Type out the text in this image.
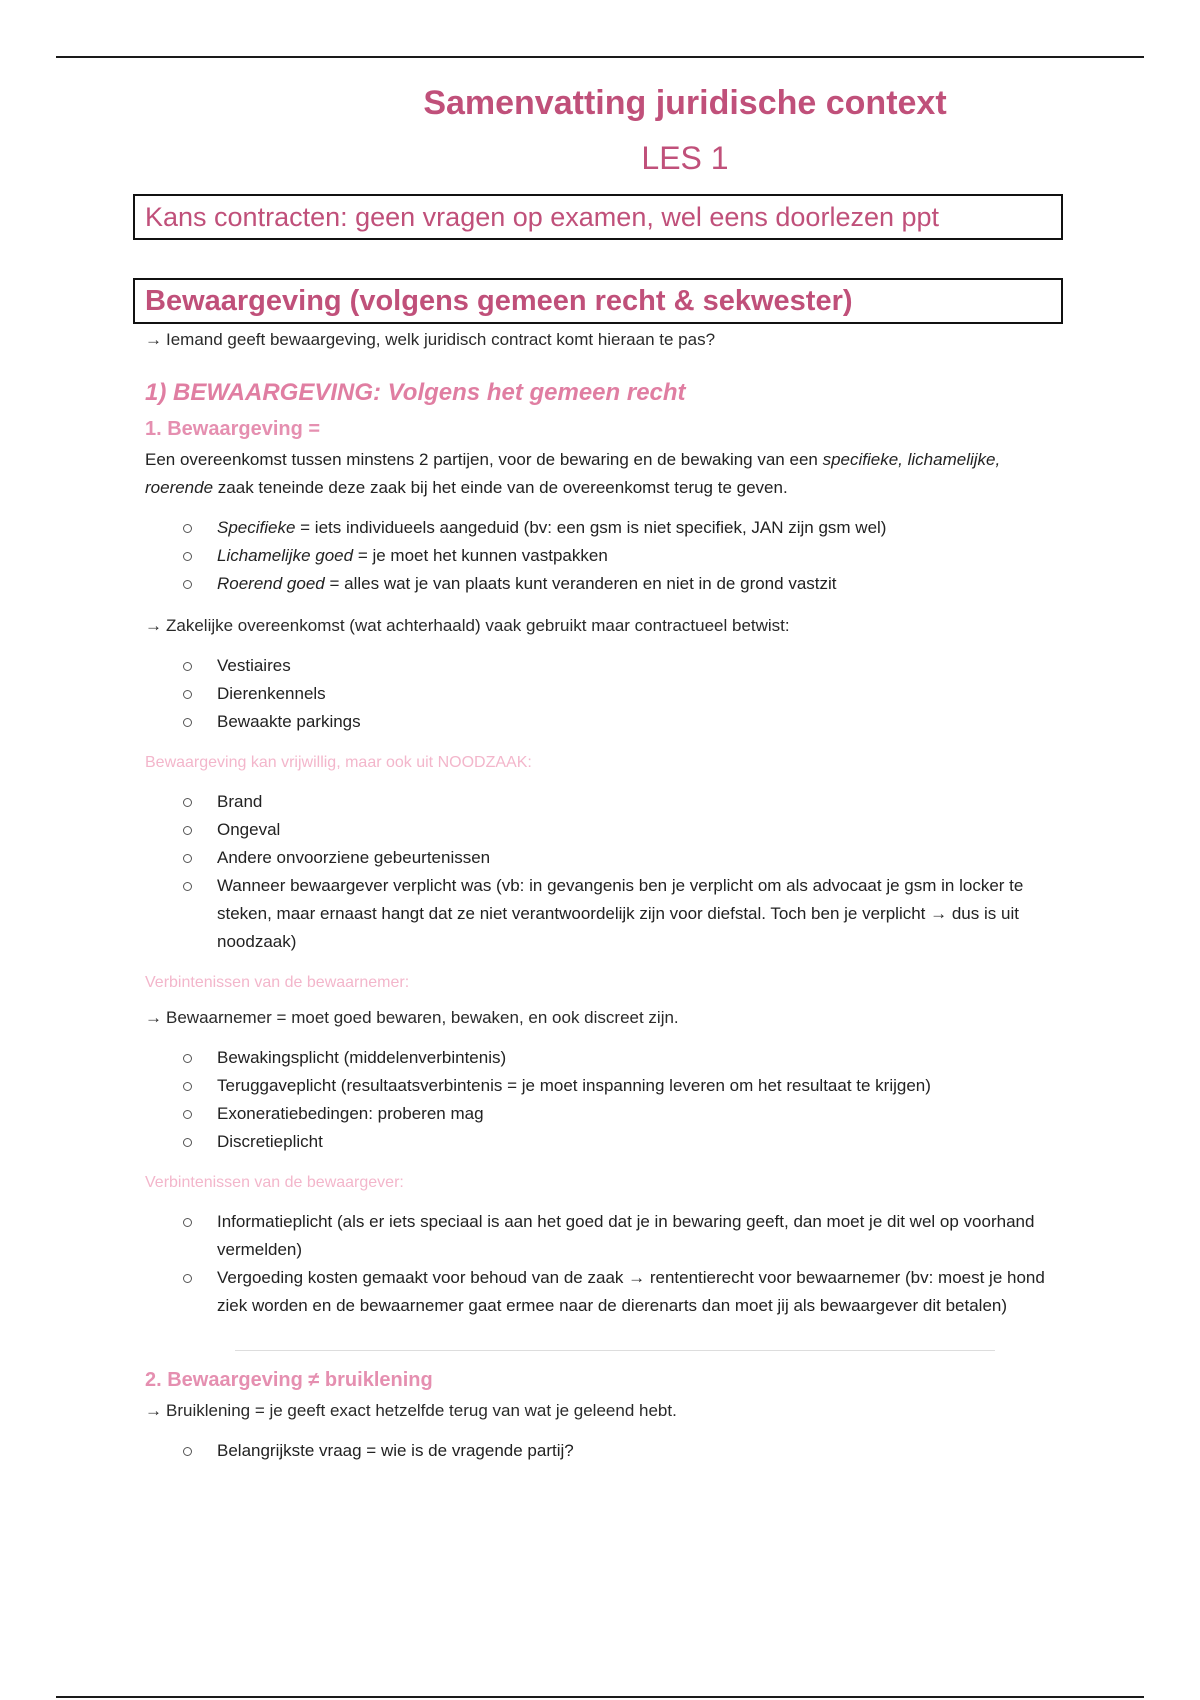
Samenvatting juridische context
LES 1
Kans contracten: geen vragen op examen, wel eens doorlezen ppt
Bewaargeving (volgens gemeen recht & sekwester)

→ Iemand geeft bewaargeving, welk juridisch contract komt hieraan te pas?

1) BEWAARGEVING: Volgens het gemeen recht
1. Bewaargeving =

Een overeenkomst tussen minstens 2 partijen, voor de bewaring en de bewaking van een specifieke, lichamelijke, roerende zaak teneinde deze zaak bij het einde van de overeenkomst terug te geven.

Specifieke = iets individueels aangeduid (bv: een gsm is niet specifiek, JAN zijn gsm wel)
Lichamelijke goed = je moet het kunnen vastpakken
Roerend goed = alles wat je van plaats kunt veranderen en niet in de grond vastzit

→ Zakelijke overeenkomst (wat achterhaald) vaak gebruikt maar contractueel betwist:

Vestiaires
Dierenkennels
Bewaakte parkings

Bewaargeving kan vrijwillig, maar ook uit NOODZAAK:

Brand
Ongeval
Andere onvoorziene gebeurtenissen
Wanneer bewaargever verplicht was (vb: in gevangenis ben je verplicht om als advocaat je gsm in locker te steken, maar ernaast hangt dat ze niet verantwoordelijk zijn voor diefstal. Toch ben je verplicht → dus is uit noodzaak)

Verbintenissen van de bewaarnemer:

→ Bewaarnemer = moet goed bewaren, bewaken, en ook discreet zijn.

Bewakingsplicht (middelenverbintenis)
Teruggaveplicht (resultaatsverbintenis = je moet inspanning leveren om het resultaat te krijgen)
Exoneratiebedingen: proberen mag
Discretieplicht

Verbintenissen van de bewaargever:

Informatieplicht (als er iets speciaal is aan het goed dat je in bewaring geeft, dan moet je dit wel op voorhand vermelden)
Vergoeding kosten gemaakt voor behoud van de zaak → rententierecht voor bewaarnemer (bv: moest je hond ziek worden en de bewaarnemer gaat ermee naar de dierenarts dan moet jij als bewaargever dit betalen)
2. Bewaargeving ≠ bruiklening

→ Bruiklening = je geeft exact hetzelfde terug van wat je geleend hebt.

Belangrijkste vraag = wie is de vragende partij?
